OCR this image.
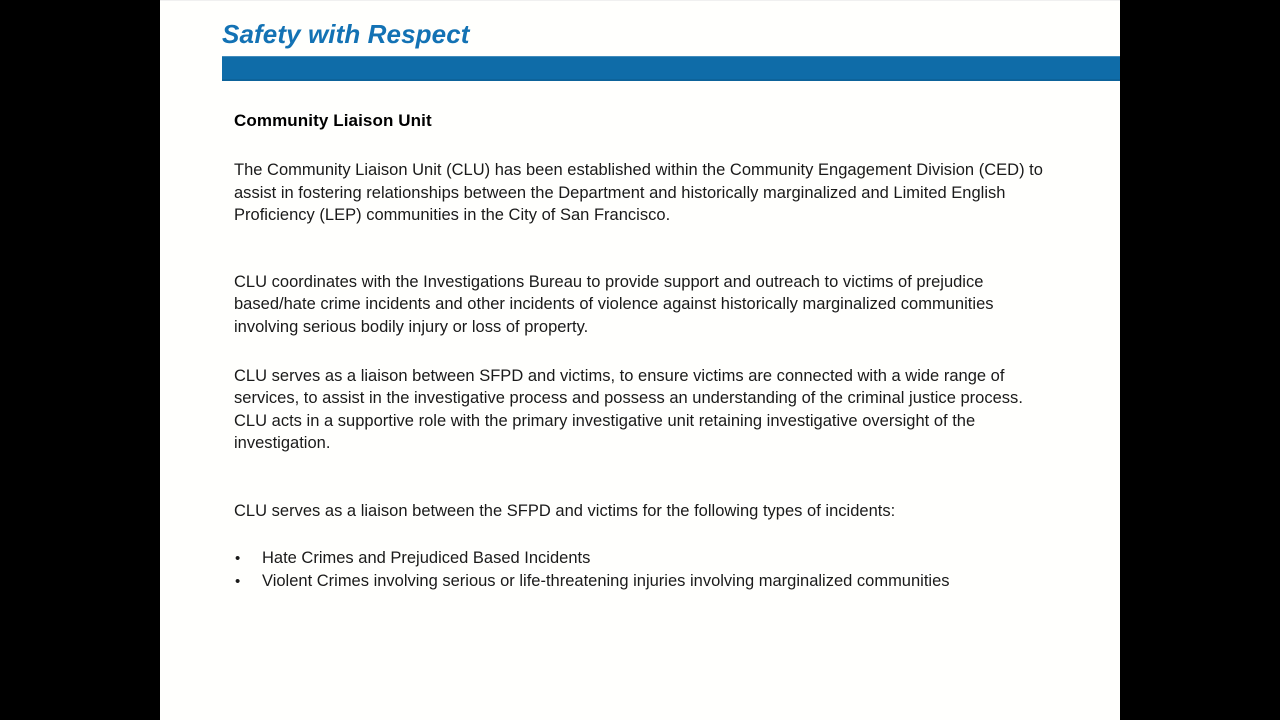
Safety with Respect
Community Liaison Unit

The Community Liaison Unit (CLU) has been established within the Community Engagement Division (CED) to assist in fostering relationships between the Department and historically marginalized and Limited English Proficiency (LEP) communities in the City of San Francisco.

CLU coordinates with the Investigations Bureau to provide support and outreach to victims of prejudice based/hate crime incidents and other incidents of violence against historically marginalized communities involving serious bodily injury or loss of property.

CLU serves as a liaison between SFPD and victims, to ensure victims are connected with a wide range of services, to assist in the investigative process and possess an understanding of the criminal justice process. CLU acts in a supportive role with the primary investigative unit retaining investigative oversight of the investigation.

CLU serves as a liaison between the SFPD and victims for the following types of incidents:

• Hate Crimes and Prejudiced Based Incidents
• Violent Crimes involving serious or life-threatening injuries involving marginalized communities
